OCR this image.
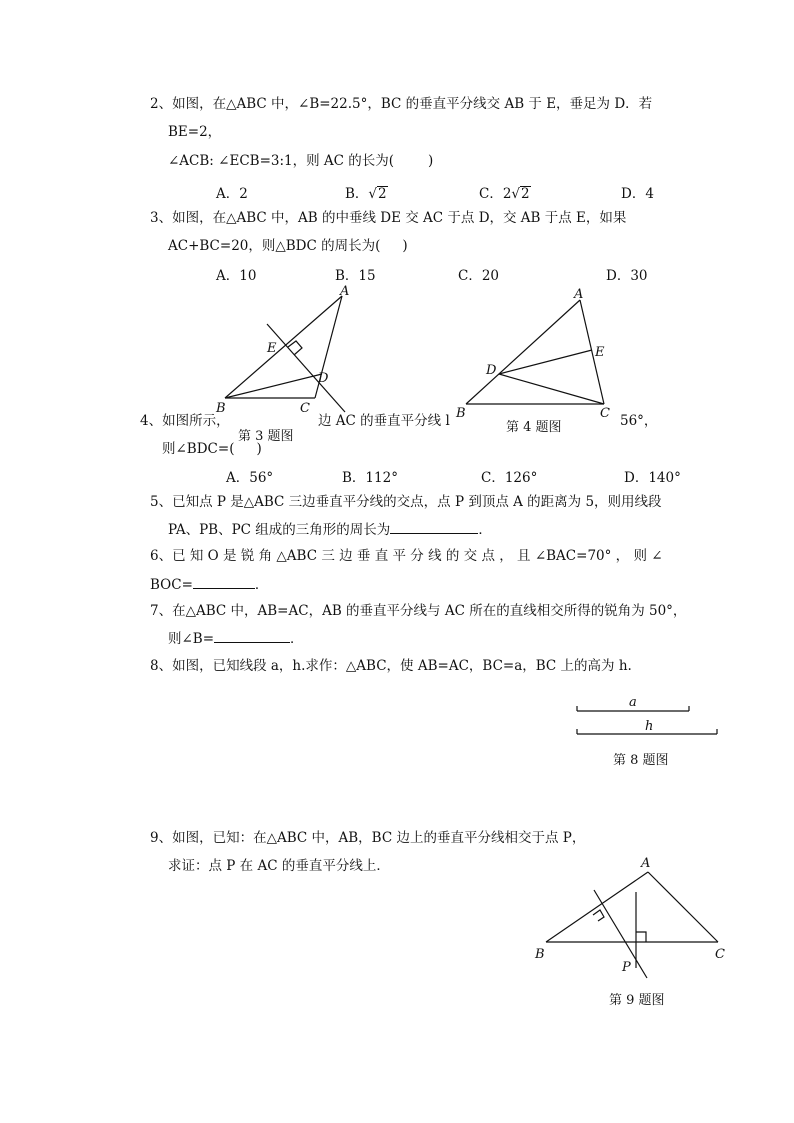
2、如图，在△ABC 中，∠B=22.5°，BC 的垂直平分线交 AB 于 E，垂足为 D．若
BE=2，
∠ACB: ∠ECB=3:1，则 AC 的长为(	)
A．2	B．√2	C．2√2	D．4
3、如图，在△ABC 中，AB 的中垂线 DE 交 AC 于点 D，交 AB 于点 E，如果
AC+BC=20，则△BDC 的周长为( )
A．10	B．15	C．20	D．30
A
E
D
B	C
第 3 题图
A
E
D
B	C
第 4 题图
4、如图所示，	边 AC 的垂直平分线 l	56°，
则∠BDC=( )
A．56°	B．112°	C．126°	D．140°
5、已知点 P 是△ABC 三边垂直平分线的交点，点 P 到顶点 A 的距离为 5，则用线段
PA、PB、PC 组成的三角形的周长为	．
6、已 知 O 是 锐 角 △ABC 三 边 垂 直 平 分 线 的 交 点 ， 且 ∠BAC=70° ， 则 ∠
BOC=	．
7、在△ABC 中，AB=AC，AB 的垂直平分线与 AC 所在的直线相交所得的锐角为 50°，
则∠B=	．
8、如图，已知线段 a，h.求作：△ABC，使 AB=AC，BC=a，BC 上的高为 h.
a
h
第 8 题图
9、如图，已知：在△ABC 中，AB，BC 边上的垂直平分线相交于点 P，
求证：点 P 在 AC 的垂直平分线上．	A
B	C
P
第 9 题图
